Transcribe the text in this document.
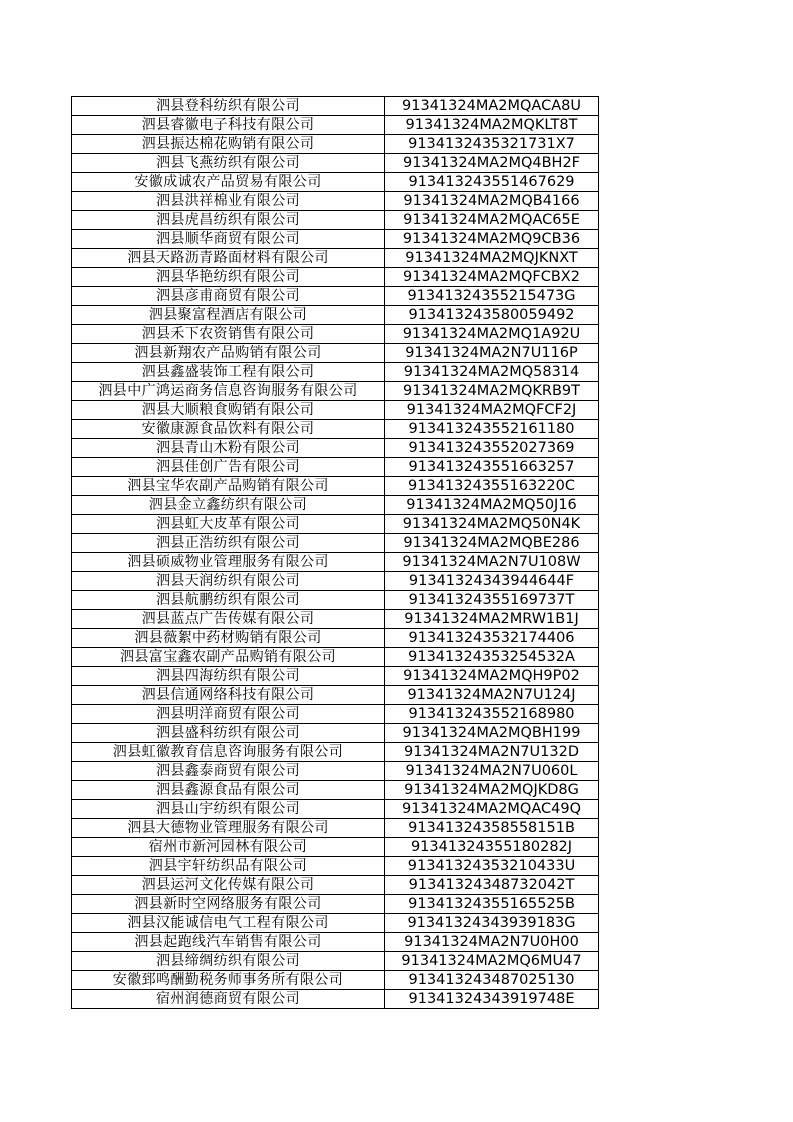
泗县登科纺织有限公司	91341324MA2MQACA8U
泗县睿徽电子科技有限公司	91341324MA2MQKLT8T
泗县振达棉花购销有限公司	9134132435321731X7
泗县飞燕纺织有限公司	91341324MA2MQ4BH2F
安徽成诚农产品贸易有限公司	913413243551467629
泗县洪祥棉业有限公司	91341324MA2MQB4166
泗县虎昌纺织有限公司	91341324MA2MQAC65E
泗县顺华商贸有限公司	91341324MA2MQ9CB36
泗县天路沥青路面材料有限公司	91341324MA2MQJKNXT
泗县华艳纺织有限公司	91341324MA2MQFCBX2
泗县彦甫商贸有限公司	91341324355215473G
泗县聚富程酒店有限公司	913413243580059492
泗县禾下农资销售有限公司	91341324MA2MQ1A92U
泗县新翔农产品购销有限公司	91341324MA2N7U116P
泗县鑫盛装饰工程有限公司	91341324MA2MQ58314
泗县中广鸿运商务信息咨询服务有限公司	91341324MA2MQKRB9T
泗县大顺粮食购销有限公司	91341324MA2MQFCF2J
安徽康源食品饮料有限公司	913413243552161180
泗县青山木粉有限公司	913413243552027369
泗县佳创广告有限公司	913413243551663257
泗县宝华农副产品购销有限公司	91341324355163220C
泗县金立鑫纺织有限公司	91341324MA2MQ50J16
泗县虹大皮革有限公司	91341324MA2MQ50N4K
泗县正浩纺织有限公司	91341324MA2MQBE286
泗县硕威物业管理服务有限公司	91341324MA2N7U108W
泗县天润纺织有限公司	91341324343944644F
泗县航鹏纺织有限公司	91341324355169737T
泗县蓝点广告传媒有限公司	91341324MA2MRW1B1J
泗县薇絮中药材购销有限公司	913413243532174406
泗县富宝鑫农副产品购销有限公司	91341324353254532A
泗县四海纺织有限公司	91341324MA2MQH9P02
泗县信通网络科技有限公司	91341324MA2N7U124J
泗县明洋商贸有限公司	913413243552168980
泗县盛科纺织有限公司	91341324MA2MQBH199
泗县虹徽教育信息咨询服务有限公司	91341324MA2N7U132D
泗县鑫泰商贸有限公司	91341324MA2N7U060L
泗县鑫源食品有限公司	91341324MA2MQJKD8G
泗县山宇纺织有限公司	91341324MA2MQAC49Q
泗县大德物业管理服务有限公司	91341324358558151B
宿州市新河园林有限公司	91341324355180282J
泗县宇轩纺织品有限公司	91341324353210433U
泗县运河文化传媒有限公司	91341324348732042T
泗县新时空网络服务有限公司	91341324355165525B
泗县汉能诚信电气工程有限公司	91341324343939183G
泗县起跑线汽车销售有限公司	91341324MA2N7U0H00
泗县缔绸纺织有限公司	91341324MA2MQ6MU47
安徽郅鸣酬勤税务师事务所有限公司	913413243487025130
宿州润德商贸有限公司	91341324343919748E
